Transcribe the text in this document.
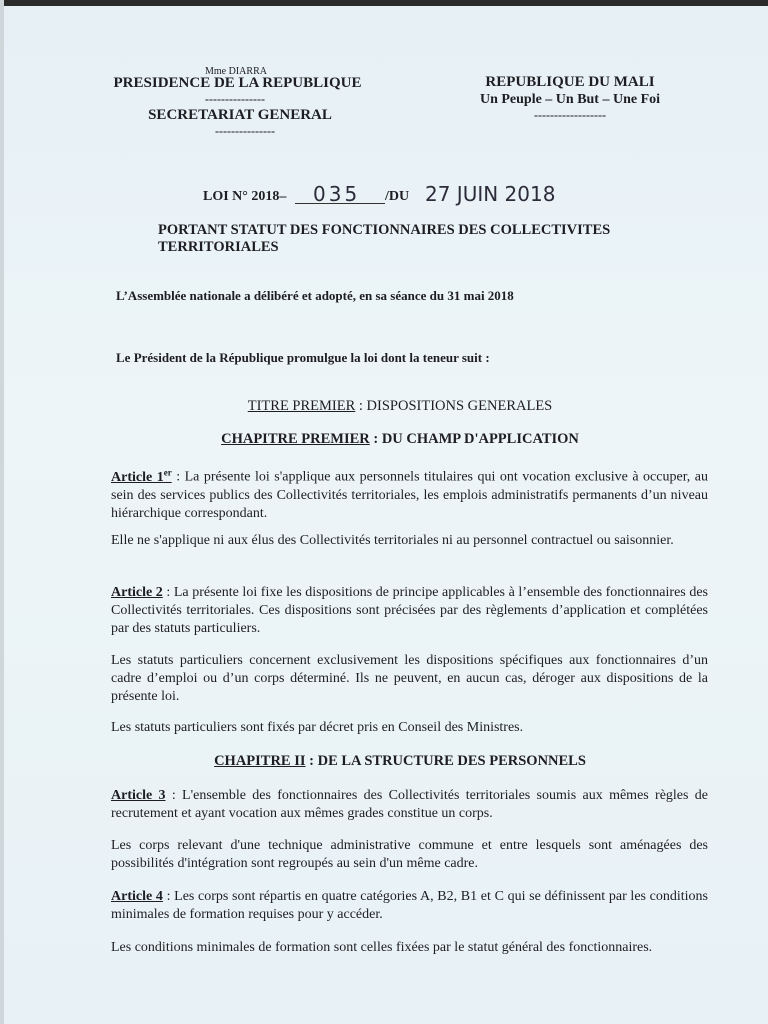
Mme DIARRA
PRESIDENCE DE LA REPUBLIQUE
---------------
SECRETARIAT GENERAL
---------------
REPUBLIQUE DU MALI
Un Peuple – Un But – Une Foi
------------------
LOI N° 2018– 035 /DU 27 JUIN 2018
PORTANT STATUT DES FONCTIONNAIRES DES COLLECTIVITES
TERRITORIALES
L’Assemblée nationale a délibéré et adopté, en sa séance du 31 mai 2018
Le Président de la République promulgue la loi dont la teneur suit :
TITRE PREMIER : DISPOSITIONS GENERALES
CHAPITRE PREMIER : DU CHAMP D'APPLICATION
Article 1er : La présente loi s'applique aux personnels titulaires qui ont vocation exclusive à occuper, au sein des services publics des Collectivités territoriales, les emplois administratifs permanents d’un niveau hiérarchique correspondant.
Elle ne s'applique ni aux élus des Collectivités territoriales ni au personnel contractuel ou saisonnier.
Article 2 : La présente loi fixe les dispositions de principe applicables à l’ensemble des fonctionnaires des Collectivités territoriales. Ces dispositions sont précisées par des règlements d’application et complétées par des statuts particuliers.
Les statuts particuliers concernent exclusivement les dispositions spécifiques aux fonctionnaires d’un cadre d’emploi ou d’un corps déterminé. Ils ne peuvent, en aucun cas, déroger aux dispositions de la présente loi.
Les statuts particuliers sont fixés par décret pris en Conseil des Ministres.
CHAPITRE II : DE LA STRUCTURE DES PERSONNELS
Article 3 : L'ensemble des fonctionnaires des Collectivités territoriales soumis aux mêmes règles de recrutement et ayant vocation aux mêmes grades constitue un corps.
Les corps relevant d'une technique administrative commune et entre lesquels sont aménagées des possibilités d'intégration sont regroupés au sein d'un même cadre.
Article 4 : Les corps sont répartis en quatre catégories A, B2, B1 et C qui se définissent par les conditions minimales de formation requises pour y accéder.
Les conditions minimales de formation sont celles fixées par le statut général des fonctionnaires.
